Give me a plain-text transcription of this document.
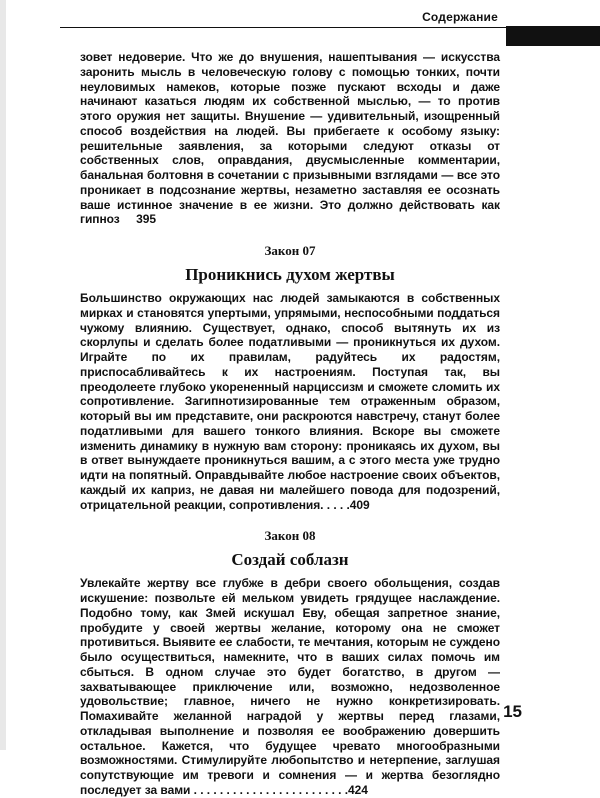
Содержание

зовет недоверие. Что же до внушения, нашептывания — искусства заронить мысль в человеческую голову с помощью тонких, почти неуловимых намеков, которые позже пускают всходы и даже начинают казаться людям их собственной мыслью, — то против этого оружия нет защиты. Внушение — удивительный, изощренный способ воздействия на людей. Вы прибегаете к особому языку: решительные заявления, за которыми следуют отказы от собственных слов, оправдания, двусмысленные комментарии, банальная болтовня в сочетании с призывными взглядами — все это проникает в подсознание жертвы, незаметно заставляя ее осознать ваше истинное значение в ее жизни. Это должно действовать как гипноз 395

Закон 07
Проникнись духом жертвы

Большинство окружающих нас людей замыкаются в собственных мирках и становятся упертыми, упрямыми, неспособными поддаться чужому влиянию. Существует, однако, способ вытянуть их из скорлупы и сделать более податливыми — проникнуться их духом. Играйте по их правилам, радуйтесь их радостям, приспосабливайтесь к их настроениям. Поступая так, вы преодолеете глубоко укорененный нарциссизм и сможете сломить их сопротивление. Загипнотизированные тем отраженным образом, который вы им представите, они раскроются навстречу, станут более податливыми для вашего тонкого влияния. Вскоре вы сможете изменить динамику в нужную вам сторону: проникаясь их духом, вы в ответ вынуждаете проникнуться вашим, а с этого места уже трудно идти на попятный. Оправдывайте любое настроение своих объектов, каждый их каприз, не давая ни малейшего повода для подозрений, отрицательной реакции, сопротивления. . . . .409

Закон 08
Создай соблазн

Увлекайте жертву все глубже в дебри своего обольщения, создав искушение: позвольте ей мельком увидеть грядущее наслаждение. Подобно тому, как Змей искушал Еву, обещая запретное знание, пробудите у своей жертвы желание, которому она не сможет противиться. Выявите ее слабости, те мечтания, которым не суждено было осуществиться, намекните, что в ваших силах помочь им сбыться. В одном случае это будет богатство, в другом — захватывающее приключение или, возможно, недозволенное удовольствие; главное, ничего не нужно конкретизировать. Помахивайте желанной наградой у жертвы перед глазами, откладывая выполнение и позволяя ее воображению довершить остальное. Кажется, что будущее чревато многообразными возможностями. Стимулируйте любопытство и нетерпение, заглушая сопутствующие им тревоги и сомнения — и жертва безоглядно последует за вами . . . . . . . . . . . . . . . . . . . . . . . .424

15
